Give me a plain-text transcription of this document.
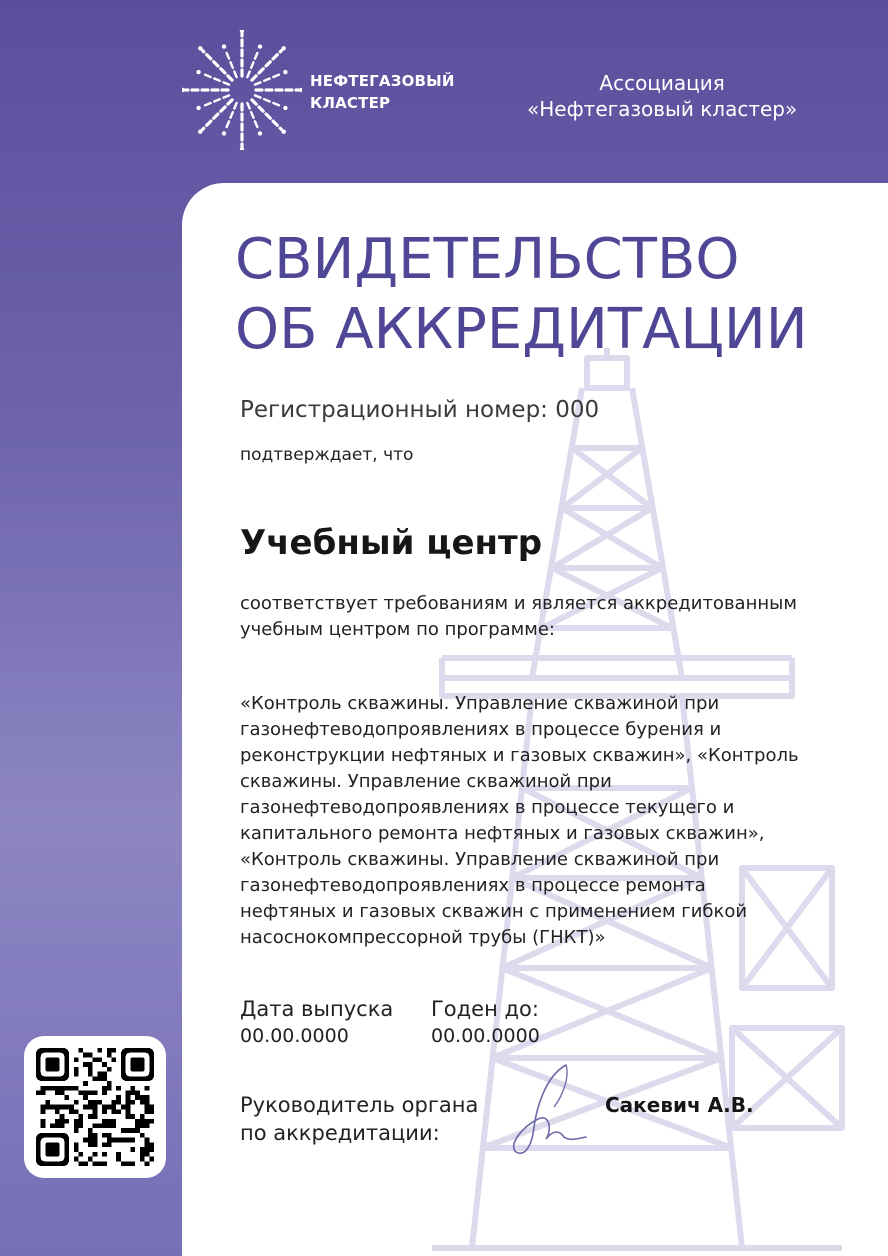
НЕФТЕГАЗОВЫЙ
КЛАСТЕР
Ассоциация
«Нефтегазовый кластер»
СВИДЕТЕЛЬСТВО
ОБ АККРЕДИТАЦИИ
Регистрационный номер: 000
подтверждает, что
Учебный центр
соответствует требованиям и является аккредитованным учебным центром по программе:
«Контроль скважины. Управление скважиной при газонефтеводопроявлениях в процессе бурения и реконструкции нефтяных и газовых скважин», «Контроль скважины. Управление скважиной при газонефтеводопроявлениях в процессе текущего и капитального ремонта нефтяных и газовых скважин», «Контроль скважины. Управление скважиной при газонефтеводопроявлениях в процессе ремонта нефтяных и газовых скважин с применением гибкой насоснокомпрессорной трубы (ГНКТ)»
Дата выпуска
00.00.0000
Годен до:
00.00.0000
Руководитель органа
по аккредитации:
Сакевич А.В.
